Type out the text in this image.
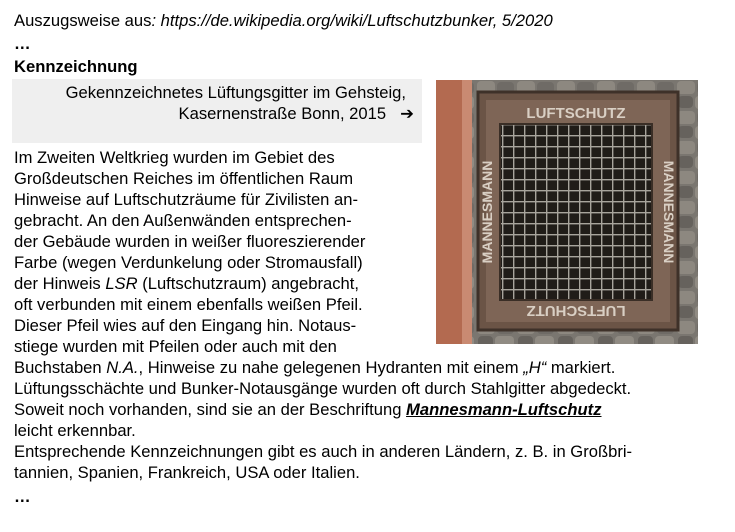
Auszugsweise aus: https://de.wikipedia.org/wiki/Luftschutzbunker, 5/2020
…
Kennzeichnung
Gekennzeichnetes Lüftungsgitter im Gehsteig,
Kasernenstraße Bonn, 2015 ➔	LUFTSCHUTZ
LUFTSCHUTZ
MANNESMANN
MANNESMANN
Im Zweiten Weltkrieg wurden im Gebiet des
Großdeutschen Reiches im öffentlichen Raum
Hinweise auf Luftschutzräume für Zivilisten an-
gebracht. An den Außenwänden entsprechen-
der Gebäude wurden in weißer fluoreszierender
Farbe (wegen Verdunkelung oder Stromausfall)
der Hinweis LSR (Luftschutzraum) angebracht,
oft verbunden mit einem ebenfalls weißen Pfeil.
Dieser Pfeil wies auf den Eingang hin. Notaus-
stiege wurden mit Pfeilen oder auch mit den
Buchstaben N.A., Hinweise zu nahe gelegenen Hydranten mit einem „H“ markiert.
Lüftungsschächte und Bunker-Notausgänge wurden oft durch Stahlgitter abgedeckt.
Soweit noch vorhanden, sind sie an der Beschriftung Mannesmann-Luftschutz
leicht erkennbar.
Entsprechende Kennzeichnungen gibt es auch in anderen Ländern, z. B. in Großbri-
tannien, Spanien, Frankreich, USA oder Italien.
…
